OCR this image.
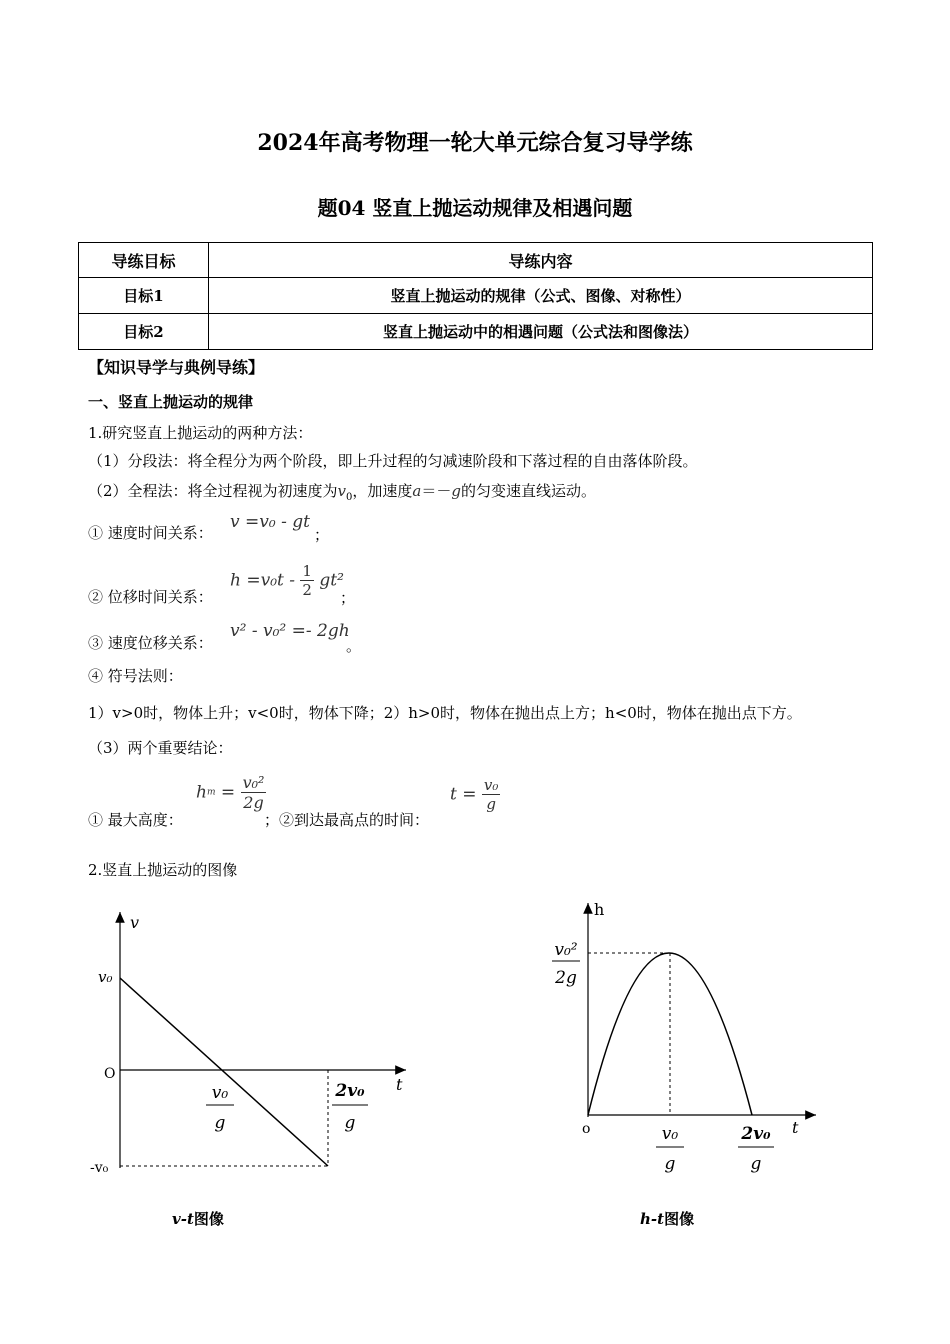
2024年高考物理一轮大单元综合复习导学练
题04 竖直上抛运动规律及相遇问题
导练目标	导练内容
目标1	竖直上抛运动的规律（公式、图像、对称性）
目标2	竖直上抛运动中的相遇问题（公式法和图像法）
【知识导学与典例导练】
一、竖直上抛运动的规律
1.研究竖直上抛运动的两种方法：
（1）分段法：将全程分为两个阶段，即上升过程的匀减速阶段和下落过程的自由落体阶段。
（2）全程法：将全过程视为初速度为$v_0$，加速度a＝－g的匀变速直线运动。
① 速度时间关系：
v =v₀ - gt
；
② 位移时间关系：
$h =v_0t - \frac{1}{2} gt^2$
；
③ 速度位移关系：
v² - v₀² =- 2gh
。
④ 符号法则：
1）v>0时，物体上升；v<0时，物体下降；2）h>0时，物体在抛出点上方；h<0时，物体在抛出点下方。
（3）两个重要结论：
① 最大高度：
hm = $\frac{\text{v₀²}}{2g}$
；②到达最高点的时间：
$t = \frac{\text{v₀}}{g}$
2.竖直上抛运动的图像
v
t
v₀
O
-v₀
v₀
g
2v₀
g
v-t图像
h
t
o
v₀²
2g
v₀
g
2v₀
g
h-t图像
